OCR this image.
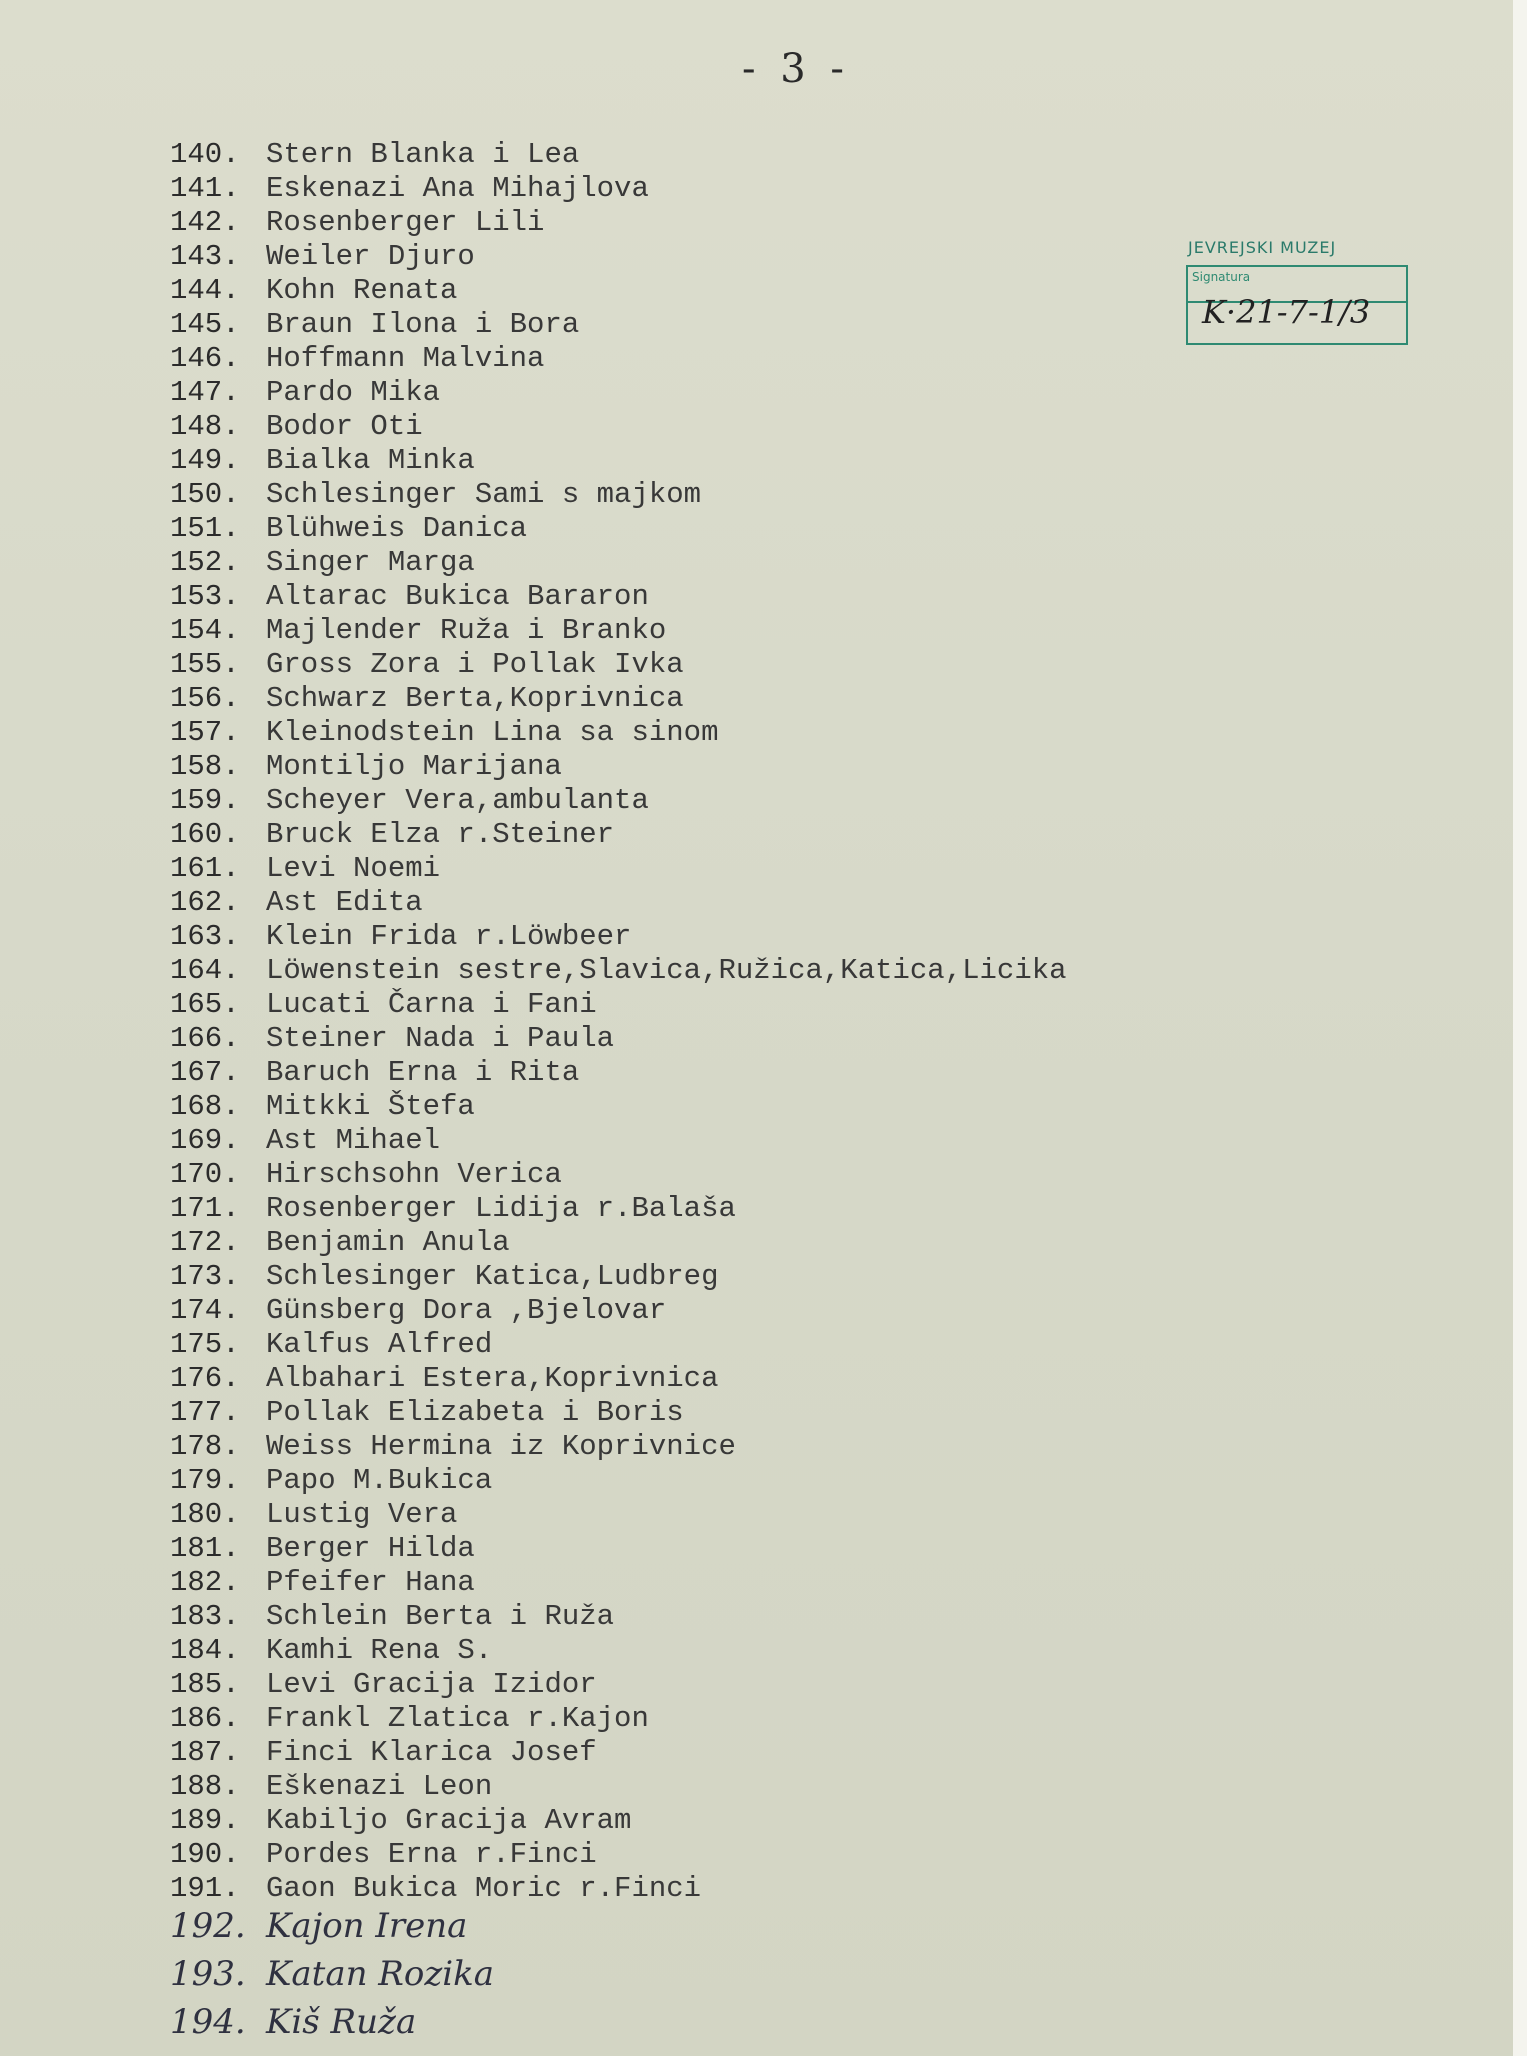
- 3 -
JEVREJSKI MUZEJ
Signatura
K·21-7-1/3
140. Stern Blanka i Lea
141. Eskenazi Ana Mihajlova
142. Rosenberger Lili
143. Weiler Djuro
144. Kohn Renata
145. Braun Ilona i Bora
146. Hoffmann Malvina
147. Pardo Mika
148. Bodor Oti
149. Bialka Minka
150. Schlesinger Sami s majkom
151. Blühweis Danica
152. Singer Marga
153. Altarac Bukica Bararon
154. Majlender Ruža i Branko
155. Gross Zora i Pollak Ivka
156. Schwarz Berta,Koprivnica
157. Kleinodstein Lina sa sinom
158. Montiljo Marijana
159. Scheyer Vera,ambulanta
160. Bruck Elza r.Steiner
161. Levi Noemi
162. Ast Edita
163. Klein Frida r.Löwbeer
164. Löwenstein sestre,Slavica,Ružica,Katica,Licika
165. Lucati Čarna i Fani
166. Steiner Nada i Paula
167. Baruch Erna i Rita
168. Mitkki Štefa
169. Ast Mihael
170. Hirschsohn Verica
171. Rosenberger Lidija r.Balaša
172. Benjamin Anula
173. Schlesinger Katica,Ludbreg
174. Günsberg Dora ,Bjelovar
175. Kalfus Alfred
176. Albahari Estera,Koprivnica
177. Pollak Elizabeta i Boris
178. Weiss Hermina iz Koprivnice
179. Papo M.Bukica
180. Lustig Vera
181. Berger Hilda
182. Pfeifer Hana
183. Schlein Berta i Ruža
184. Kamhi Rena S.
185. Levi Gracija Izidor
186. Frankl Zlatica r.Kajon
187. Finci Klarica Josef
188. Eškenazi Leon
189. Kabiljo Gracija Avram
190. Pordes Erna r.Finci
191. Gaon Bukica Moric r.Finci
192. Kajon Irena
193. Katan Rozika
194. Kiš Ruža
